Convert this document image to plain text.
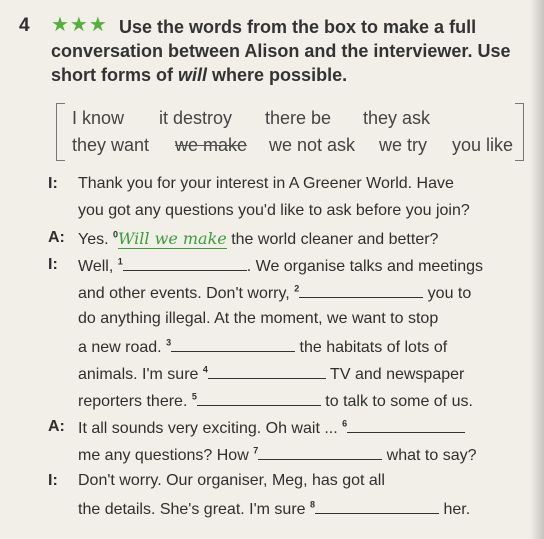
4 ★★★ Use the words from the box to make a full conversation between Alison and the interviewer. Use short forms of will where possible.
I know it destroy there be they ask
they want we make we not ask we try you like
I: Thank you for your interest in A Greener World. Have
you got any questions you'd like to ask before you join?
A: Yes. $^0$Will we make the world cleaner and better?
I: Well, $^1$	. We organise talks and meetings
and other events. Don't worry, $^2$	you to
do anything illegal. At the moment, we want to stop
a new road. $^3$	the habitats of lots of
animals. I'm sure $^4$	TV and newspaper
reporters there. $^5$	to talk to some of us.
A: It all sounds very exciting. Oh wait ... $^6$
me any questions? How $^7$	what to say?
I: Don't worry. Our organiser, Meg, has got all
the details. She's great. I'm sure $^8$	her.
